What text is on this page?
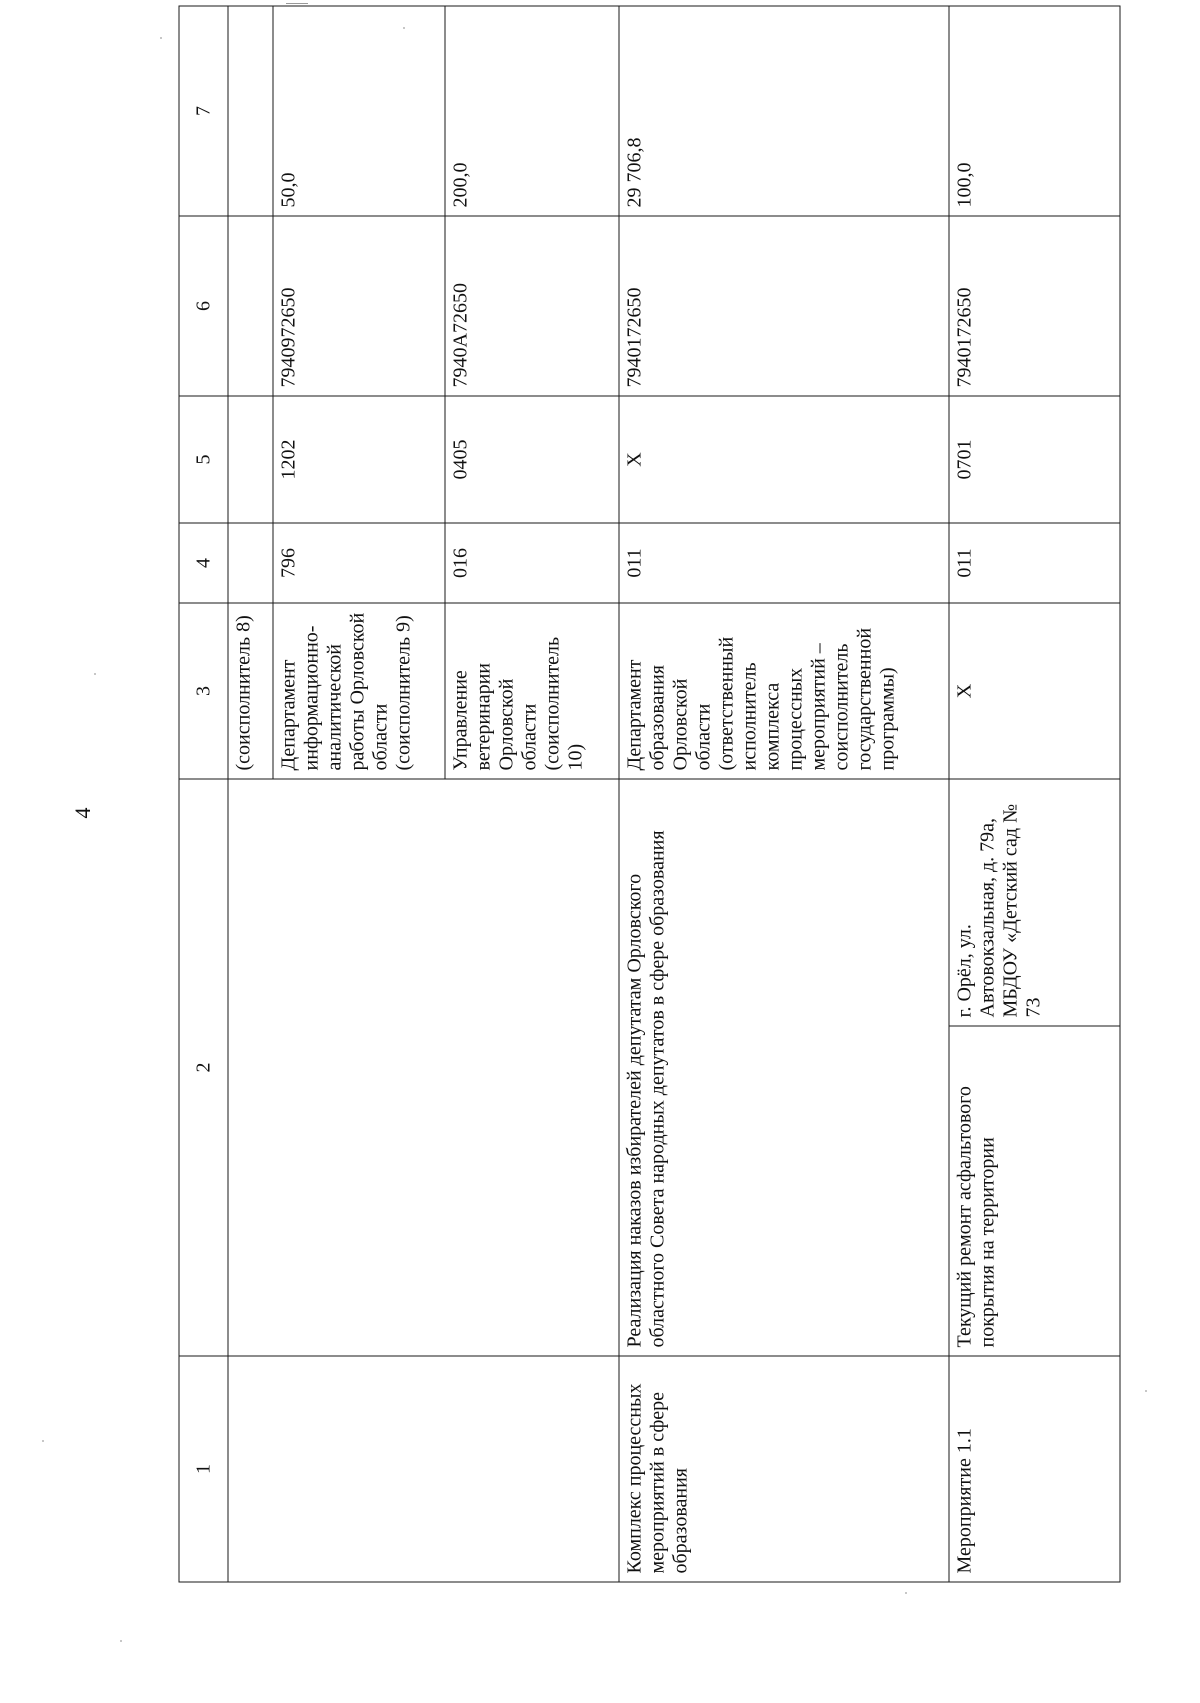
4
1	2		3	4	5	6	7
			(соисполнитель 8)				
			Департамент информационно-аналитической работы Орловской области (соисполнитель 9)	796	1202	7940972650	50,0
			Управление ветеринарии Орловской области (соисполнитель 10)	016	0405	7940А72650	200,0
Комплекс процессных мероприятий в сфере образования	Реализация наказов избирателей депутатам Орловского областного Совета народных депутатов в сфере образования		Департамент образования Орловской области (ответственный исполнитель комплекса процессных мероприятий – соисполнитель государственной программы)	011	Х	7940172650	29 706,8
Мероприятие 1.1	Текущий ремонт асфальтового покрытия на территории	г. Орёл, ул. Автовокзальная, д. 79а, МБДОУ «Детский сад № 73	Х	011	0701	7940172650	100,0
